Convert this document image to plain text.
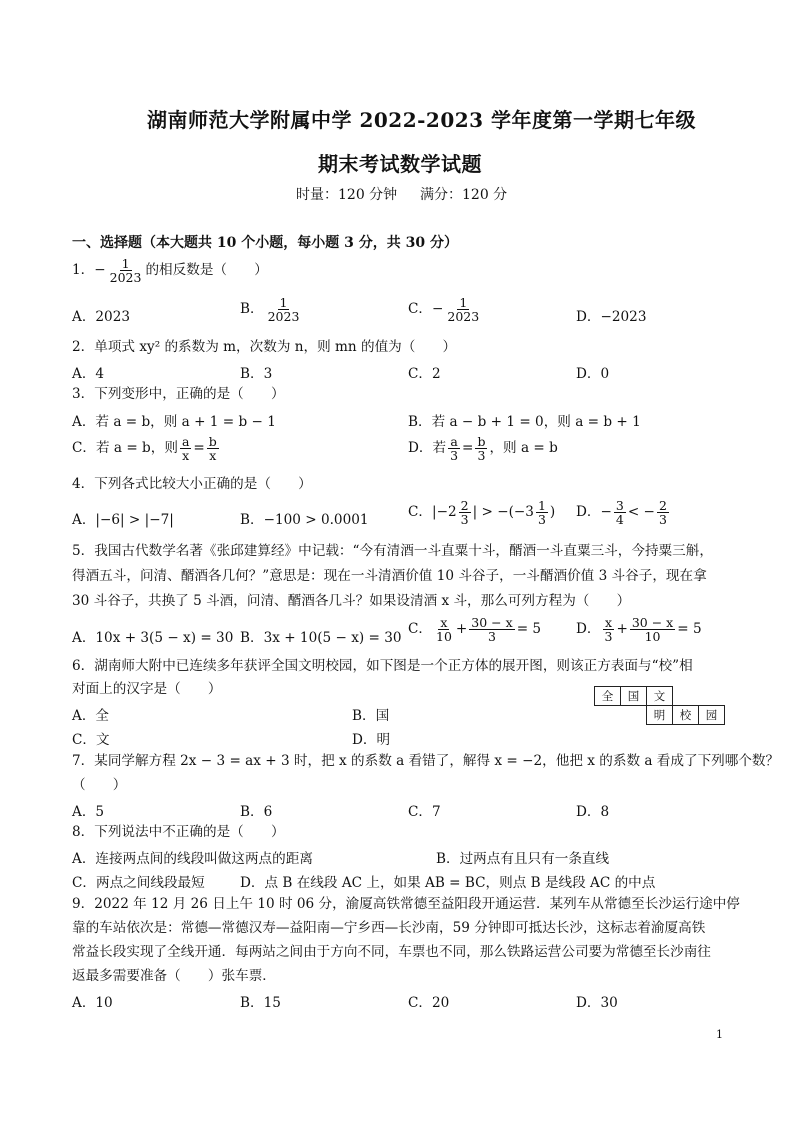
湖南师范大学附属中学 2022-2023 学年度第一学期七年级
期末考试数学试题
时量：120 分钟 满分：120 分
一、选择题（本大题共 10 个小题，每小题 3 分，共 30 分）
1．− $\frac{1}{2023}$ 的相反数是（　　）
A．2023	B． $\frac{1}{2023}$	C．− $\frac{1}{2023}$	D．−2023
2．单项式 xy² 的系数为 m，次数为 n，则 mn 的值为（　　）
A．4	B．3	C．2	D．0
3．下列变形中，正确的是（　　）
A．若 a = b，则 a + 1 = b − 1	B．若 a − b + 1 = 0，则 a = b + 1
C．若 a = b，则 $\frac{a}{x} = \frac{b}{x}$	D．若 $\frac{a}{3} = \frac{b}{3}$ ，则 a = b
4．下列各式比较大小正确的是（　　）
A．|−6| > |−7|	B．−100 > 0.0001	C．$|-2 \frac{2}{3}$ | > $-(-3 \frac{1}{3}$ ) D．− $\frac{3}{4}$ < − $\frac{2}{3}$
5．我国古代数学名著《张邱建算经》中记载：“今有清酒一斗直粟十斗，醑酒一斗直粟三斗，今持粟三斛，
得酒五斗，问清、醑酒各几何？”意思是：现在一斗清酒价值 10 斗谷子，一斗醑酒价值 3 斗谷子，现在拿
30 斗谷子，共换了 5 斗酒，问清、醑酒各几斗？如果设清酒 x 斗，那么可列方程为（　　）
A．10x + 3(5 − x) = 30 B．3x + 10(5 − x) = 30
C． $\frac{x}{10} + \frac{30 - x}{3} = 5$	D． $\frac{x}{3} + \frac{30 - x}{10} = 5$
6．湖南师大附中已连续多年获评全国文明校园，如下图是一个正方体的展开图，则该正方表面与“校”相
对面上的汉字是（　　）
A．全	B．国
C．文	D．明
全	国	文
明	校	园
7．某同学解方程 2x − 3 = ax + 3 时，把 x 的系数 a 看错了，解得 x = −2，他把 x 的系数 a 看成了下列哪个数？
（　　）
A．5	B．6	C．7	D．8
8．下列说法中不正确的是（　　）
A．连接两点间的线段叫做这两点的距离	B．过两点有且只有一条直线
C．两点之间线段最短	D．点 B 在线段 AC 上，如果 AB = BC，则点 B 是线段 AC 的中点
9．2022 年 12 月 26 日上午 10 时 06 分，渝厦高铁常德至益阳段开通运营．某列车从常德至长沙运行途中停
靠的车站依次是：常德—常德汉寿—益阳南—宁乡西—长沙南，59 分钟即可抵达长沙，这标志着渝厦高铁
常益长段实现了全线开通．每两站之间由于方向不同，车票也不同，那么铁路运营公司要为常德至长沙南往
返最多需要准备（　　）张车票．
A．10	B．15	C．20	D．30
1
